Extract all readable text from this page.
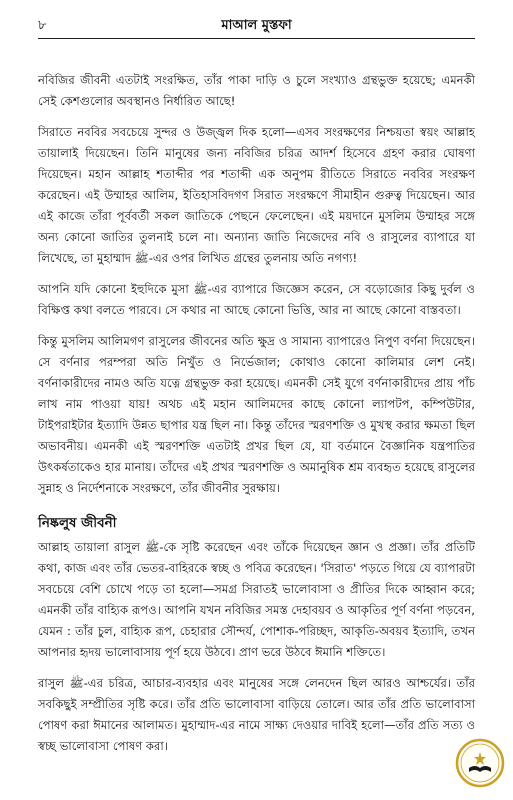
৮	মাআল মুস্তফা

নবিজির জীবনী এতটাই সংরক্ষিত, তাঁর পাকা দাড়ি ও চুলে সংখ্যাও গ্রন্থভুক্ত হয়েছে; এমনকী সেই কেশগুলোর অবস্থানও নির্ধারিত আছে!

সিরাতে নববির সবচেয়ে সুন্দর ও উজ্জ্বল দিক হলো—এসব সংরক্ষণের নিশ্চয়তা স্বয়ং আল্লাহ তায়ালাই দিয়েছেন। তিনি মানুষের জন্য নবিজির চরিত্র আদর্শ হিসেবে গ্রহণ করার ঘোষণা দিয়েছেন। মহান আল্লাহ শতাব্দীর পর শতাব্দী এক অনুপম রীতিতে সিরাতে নববির সংরক্ষণ করেছেন। এই উম্মাহর আলিম, ইতিহাসবিদগণ সিরাত সংরক্ষণে সীমাহীন গুরুত্ব দিয়েছেন। আর এই কাজে তাঁরা পূর্ববর্তী সকল জাতিকে পেছনে ফেলেছেন। এই ময়দানে মুসলিম উম্মাহর সঙ্গে অন্য কোনো জাতির তুলনাই চলে না। অন্যান্য জাতি নিজেদের নবি ও রাসুলের ব্যাপারে যা লিখেছে, তা মুহাম্মাদ ﷺ-এর ওপর লিখিত গ্রন্থের তুলনায় অতি নগণ্য!

আপনি যদি কোনো ইহুদিকে মুসা ﷺ-এর ব্যাপারে জিজ্ঞেস করেন, সে বড়োজোর কিছু দুর্বল ও বিক্ষিপ্ত কথা বলতে পারবে। সে কথার না আছে কোনো ভিত্তি, আর না আছে কোনো বাস্তবতা।

কিন্তু মুসলিম আলিমগণ রাসুলের জীবনের অতি ক্ষুদ্র ও সামান্য ব্যাপারেও নিপুণ বর্ণনা দিয়েছেন। সে বর্ণনার পরম্পরা অতি নিখুঁত ও নির্ভেজাল; কোথাও কোনো কালিমার লেশ নেই। বর্ণনাকারীদের নামও অতি যত্নে গ্রন্থভুক্ত করা হয়েছে। এমনকী সেই যুগে বর্ণনাকারীদের প্রায় পাঁচ লাখ নাম পাওয়া যায়! অথচ এই মহান আলিমদের কাছে কোনো ল্যাপটপ, কম্পিউটার, টাইপরাইটার ইত্যাদি উন্নত ছাপার যন্ত্র ছিল না। কিন্তু তাঁদের স্মরণশক্তি ও মুখস্থ করার ক্ষমতা ছিল অভাবনীয়। এমনকী এই স্মরণশক্তি এতটাই প্রখর ছিল যে, যা বর্তমানে বৈজ্ঞানিক যন্ত্রপাতির উৎকর্ষতাকেও হার মানায়। তাঁদের এই প্রখর স্মরণশক্তি ও অমানুষিক শ্রম ব্যবহৃত হয়েছে রাসুলের সুন্নাহ ও নির্দেশনাকে সংরক্ষণে, তাঁর জীবনীর সুরক্ষায়।

নিষ্কলুষ জীবনী

আল্লাহ তায়ালা রাসুল ﷺ-কে সৃষ্টি করেছেন এবং তাঁকে দিয়েছেন জ্ঞান ও প্রজ্ঞা। তাঁর প্রতিটি কথা, কাজ এবং তাঁর ভেতর-বাহিরকে স্বচ্ছ ও পবিত্র করেছেন। 'সিরাত' পড়তে গিয়ে যে ব্যাপারটা সবচেয়ে বেশি চোখে পড়ে তা হলো—সমগ্র সিরাতই ভালোবাসা ও প্রীতির দিকে আহ্বান করে; এমনকী তাঁর বাহ্যিক রূপও। আপনি যখন নবিজির সমস্ত দেহাবয়ব ও আকৃতির পূর্ণ বর্ণনা পড়বেন, যেমন : তাঁর চুল, বাহ্যিক রূপ, চেহারার সৌন্দর্য, পোশাক-পরিচ্ছদ, আকৃতি-অবয়ব ইত্যাদি, তখন আপনার হৃদয় ভালোবাসায় পূর্ণ হয়ে উঠবে। প্রাণ ভরে উঠবে ঈমানি শক্তিতে।

রাসুল ﷺ-এর চরিত্র, আচার-ব্যবহার এবং মানুষের সঙ্গে লেনদেন ছিল আরও আশ্চর্যের। তাঁর সবকিছুই সম্প্রীতির সৃষ্টি করে। তাঁর প্রতি ভালোবাসা বাড়িয়ে তোলে। আর তাঁর প্রতি ভালোবাসা পোষণ করা ঈমানের আলামত। মুহাম্মাদ-এর নামে সাক্ষ্য দেওয়ার দাবিই হলো—তাঁর প্রতি সত্য ও স্বচ্ছ ভালোবাসা পোষণ করা।
